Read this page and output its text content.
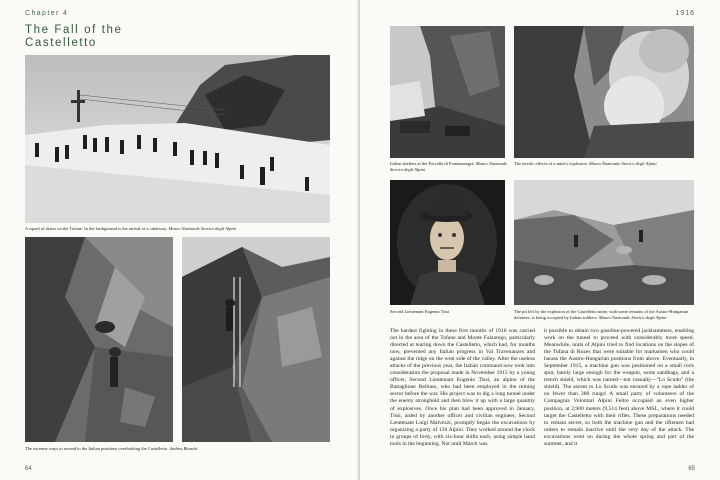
Chapter 4
The Fall of the
Castelletto
A squad of skiers on the Tofane. In the background is the arrival of a cableway. Museo Nazionale Storico degli Alpini
The extreme ways to ascend to the Italian positions overlooking the Castelletto. Andrea Bianchi
64
1916
Italian shelters at the Forcella di Fontananegra. Museo Nazionale Storico degli Alpini
The terrific effects of a mine's explosion. Museo Nazionale Storico degli Alpini
Second Lieutenant Eugenio Tissi	The pit left by the explosion of the Castelletto mine, with some remains of the Austro-Hungarian defenses, is being occupied by Italian soldiers. Museo Nazionale Storico degli Alpini

The hardest fighting in these first months of 1916 was carried out in the area of the Tofane and Monte Falzarego, particularly directed at tearing down the Castelletto, which had, for months now, prevented any Italian progress in Val Travenanzes and against the ridge on the west side of the valley. After the useless attacks of the previous year, the Italian command now took into consideration the proposal made in November 1915 by a young officer, Second Lieutenant Eugenio Tissi, an alpino of the Battaglione Belluno, who had been employed in the mining sector before the war. His project was to dig a long tunnel under the enemy stronghold and then blow it up with a large quantity of explosives. Once his plan had been approved in January, Tissi, aided by another officer and civilian engineer, Second Lieutenant Luigi Malvezzi, promptly began the excavations by organizing a party of 120 Alpini. They worked around the clock in groups of forty, with six-hour shifts each, using simple hand tools in the beginning. Not until March was

it possible to obtain two gasoline-powered jackhammers, enabling work on the tunnel to proceed with considerably more speed. Meanwhile, units of Alpini tried to find locations on the slopes of the Tofana di Rozes that were suitable for marksmen who could harass the Austro-Hungarian positions from above. Eventually, in September 1915, a machine gun was positioned on a small rock spur, barely large enough for the weapon, some sandbags, and a trench shield, which was named—not casually—"Lo Scudo" (the shield). The ascent to Lo Scudo was ensured by a rope ladder of no fewer than 380 rungs! A small party of volunteers of the Compagnia Volontari Alpini Feltre occupied an even higher position, at 2,900 meters (9,514 feet) above MSL, where it could target the Castelletto with their rifles. These preparations needed to remain secret, so both the machine gun and the riflemen had orders to remain inactive until the very day of the attack. The excavations went on during the whole spring and part of the summer, and it

65
